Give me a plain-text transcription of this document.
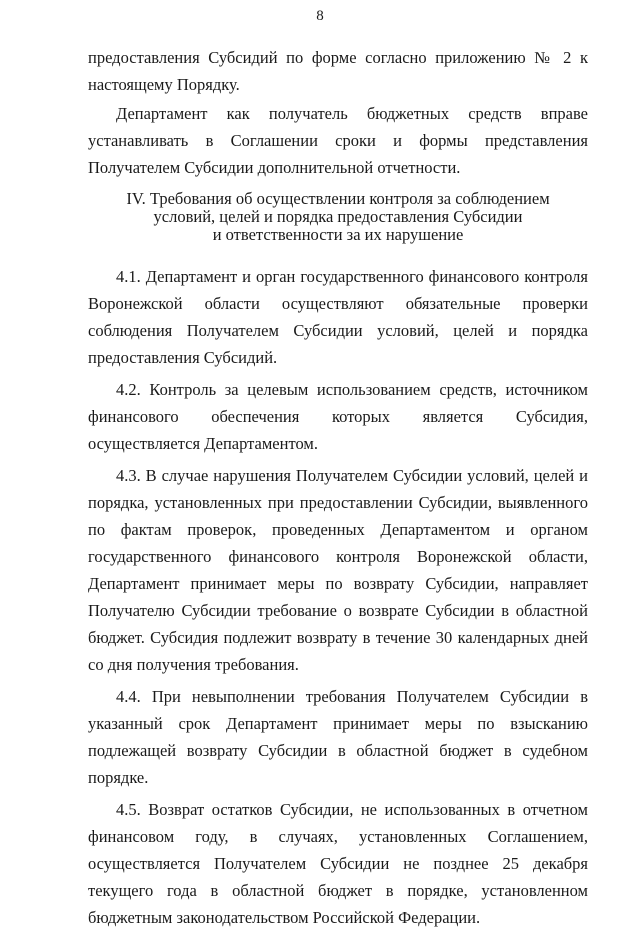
8

предоставления Субсидий по форме согласно приложению № 2 к настоящему Порядку.

Департамент как получатель бюджетных средств вправе устанавливать в Соглашении сроки и формы представления Получателем Субсидии дополнительной отчетности.

IV. Требования об осуществлении контроля за соблюдением
условий, целей и порядка предоставления Субсидии
и ответственности за их нарушение

4.1. Департамент и орган государственного финансового контроля Воронежской области осуществляют обязательные проверки соблюдения Получателем Субсидии условий, целей и порядка предоставления Субсидий.

4.2. Контроль за целевым использованием средств, источником финансового обеспечения которых является Субсидия, осуществляется Департаментом.

4.3. В случае нарушения Получателем Субсидии условий, целей и порядка, установленных при предоставлении Субсидии, выявленного по фактам проверок, проведенных Департаментом и органом государственного финансового контроля Воронежской области, Департамент принимает меры по возврату Субсидии, направляет Получателю Субсидии требование о возврате Субсидии в областной бюджет. Субсидия подлежит возврату в течение 30 календарных дней со дня получения требования.

4.4. При невыполнении требования Получателем Субсидии в указанный срок Департамент принимает меры по взысканию подлежащей возврату Субсидии в областной бюджет в судебном порядке.

4.5. Возврат остатков Субсидии, не использованных в отчетном финансовом году, в случаях, установленных Соглашением, осуществляется Получателем Субсидии не позднее 25 декабря текущего года в областной бюджет в порядке, установленном бюджетным законодательством Российской Федерации.
